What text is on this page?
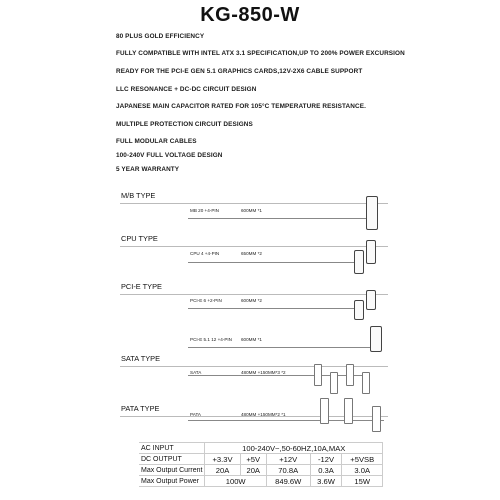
KG-850-W
80 PLUS GOLD EFFICIENCY
FULLY COMPATIBLE WITH INTEL ATX 3.1 SPECIFICATION,UP TO 200% POWER EXCURSION
READY FOR THE PCI-E GEN 5.1 GRAPHICS CARDS,12V-2X6 CABLE SUPPORT
LLC RESONANCE + DC-DC CIRCUIT DESIGN
JAPANESE MAIN CAPACITOR RATED FOR 105°C TEMPERATURE RESISTANCE.
MULTIPLE PROTECTION CIRCUIT DESIGNS
FULL MODULAR CABLES
100-240V FULL VOLTAGE DESIGN
5 YEAR WARRANTY
M/B TYPE
MB 20 +4-PIN	600MM *1
CPU TYPE
CPU 4 +4-PIN	650MM *2
PCI-E TYPE
PCI-E 6 +2-PIN	600MM *2
PCI-E 5.1 12 +4-PIN 600MM *1
SATA TYPE
SATA	480MM +150MM*3 *2
PATA TYPE
PATA	480MM +150MM*2 *1
AC INPUT	100-240V~,50-60HZ,10A,MAX				
DC OUTPUT	+3.3V	+5V	+12V	-12V	+5VSB
Max Output Current	20A	20A	70.8A	0.3A	3.0A
Max Output Power	100W		849.6W	3.6W	15W
